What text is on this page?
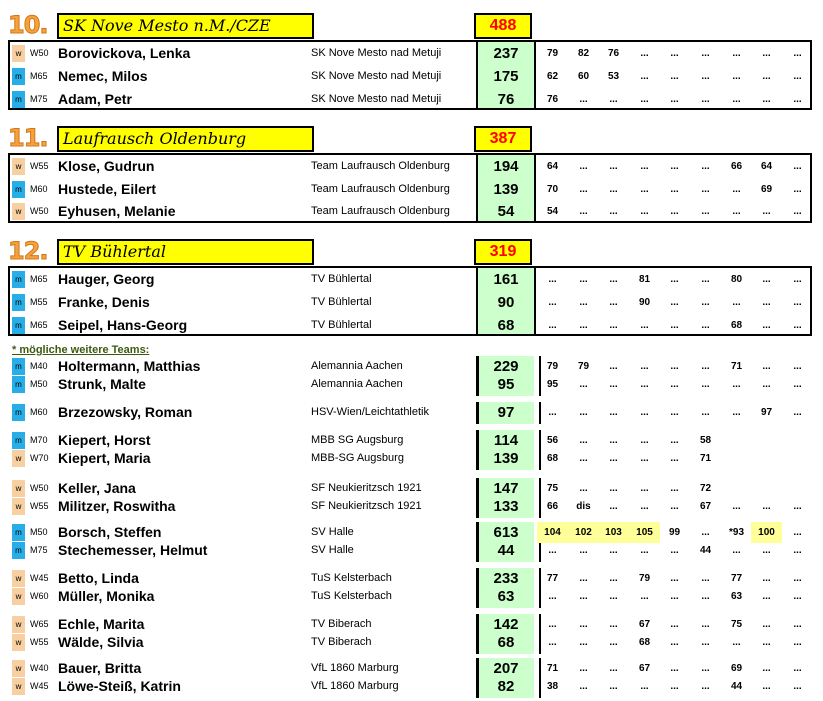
10. SK Nove Mesto n.M./CZE	488
11. Laufrausch Oldenburg	387
12. TV Bühlertal	319
* mögliche weitere Teams:
w W50 Borovickova, Lenka	SK Nove Mesto nad Metuji	237	79	82	76	...	...	...	...	...	...
m M65 Nemec, Milos	SK Nove Mesto nad Metuji	175	62	60	53	...	...	...	...	...	...
m M75 Adam, Petr	SK Nove Mesto nad Metuji	76	76	...	...	...	...	...	...	...	...
w W55 Klose, Gudrun	Team Laufrausch Oldenburg	194	64	...	...	...	...	...	66	64	...
m M60 Hustede, Eilert	Team Laufrausch Oldenburg	139	70	...	...	...	...	...	...	69	...
w W50 Eyhusen, Melanie	Team Laufrausch Oldenburg	54	54	...	...	...	...	...	...	...	...
m M65 Hauger, Georg	TV Bühlertal	161	...	...	...	81	...	...	80	...	...
m M55 Franke, Denis	TV Bühlertal	90	...	...	...	90	...	...	...	...	...
m M65 Seipel, Hans-Georg	TV Bühlertal	68	...	...	...	...	...	...	68	...	...
m M40 Holtermann, Matthias	Alemannia Aachen	229	79	79	...	...	...	...	71	...	...
m M50 Strunk, Malte	Alemannia Aachen	95	95	...	...	...	...	...	...	...	...
m M60 Brzezowsky, Roman	HSV-Wien/Leichtathletik	97	...	...	...	...	...	...	...	97	...
m M70 Kiepert, Horst	MBB SG Augsburg	114	56	...	...	...	...	58
w W70 Kiepert, Maria	MBB-SG Augsburg	139	68	...	...	...	...	71
w W50 Keller, Jana	SF Neukieritzsch 1921	147	75	...	...	...	...	72
w W55 Militzer, Roswitha	SF Neukieritzsch 1921	133	66	dis	...	...	...	67	...	...	...
m M50 Borsch, Steffen	SV Halle	613	104	102	103	105	99	...	*93	100	...
m M75 Stechemesser, Helmut	SV Halle	44	...	...	...	...	...	44	...	...	...
w W45 Betto, Linda	TuS Kelsterbach	233	77	...	...	79	...	...	77	...	...
w W60 Müller, Monika	TuS Kelsterbach	63	...	...	...	...	...	...	63	...	...
w W65 Echle, Marita	TV Biberach	142	...	...	...	67	...	...	75	...	...
w W55 Wälde, Silvia	TV Biberach	68	...	...	...	68	...	...	...	...	...
w W40 Bauer, Britta	VfL 1860 Marburg	207	71	...	...	67	...	...	69	...	...
w W45 Löwe-Steiß, Katrin	VfL 1860 Marburg	82	38	...	...	...	...	...	44	...	...
